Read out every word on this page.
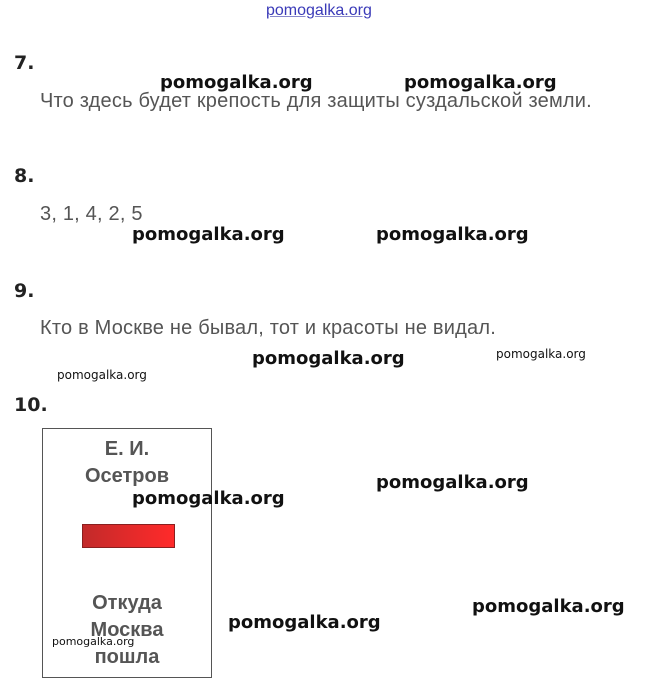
pomogalka.org
7.
Что здесь будет крепость для защиты суздальской земли.
8.
3, 1, 4, 2, 5
9.
Кто в Москве не бывал, тот и красоты не видал.
10.
Е. И.
Осетров
Откуда
Москва
пошла
pomogalka.org	pomogalka.org
pomogalka.org	pomogalka.org
pomogalka.org	pomogalka.org
pomogalka.org
pomogalka.org
pomogalka.org
pomogalka.org
pomogalka.org
pomogalka.org
